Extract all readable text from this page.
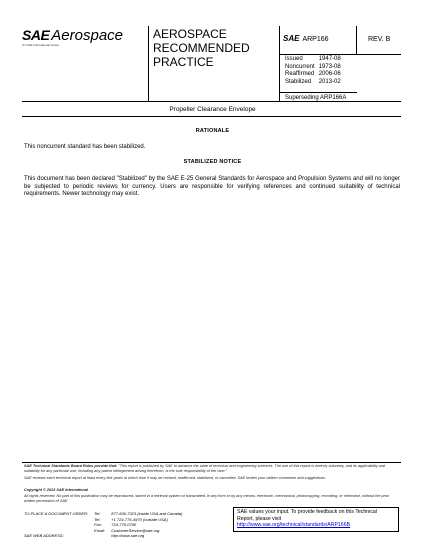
SAE Aerospace
An SAE International Group
AEROSPACE RECOMMENDED PRACTICE
SAE ARP166	REV. B
Issued	1947-08
Noncurrent	1973-08
Reaffirmed	2006-06
Stabilized	2013-02
Superseding ARP166A
Propeller Clearance Envelope
RATIONALE
This noncurrent standard has been stabilized.
STABILIZED NOTICE
This document has been declared "Stabilized" by the SAE E-25 General Standards for Aerospace and Propulsion Systems and will no longer be subjected to periodic reviews for currency. Users are responsible for verifying references and continued suitability of technical requirements. Newer technology may exist.
SAE Technical Standards Board Rules provide that: "This report is published by SAE to advance the state of technical and engineering sciences. The use of this report is entirely voluntary, and its applicability and suitability for any particular use, including any patent infringement arising therefrom, is the sole responsibility of the user."
SAE reviews each technical report at least every five years at which time it may be revised, reaffirmed, stabilized, or cancelled. SAE invites your written comments and suggestions.
Copyright © 2013 SAE International
All rights reserved. No part of this publication may be reproduced, stored in a retrieval system or transmitted, in any form or by any means, electronic, mechanical, photocopying, recording, or otherwise, without the prior written permission of SAE.
TO PLACE A DOCUMENT ORDER:	Tel:	877-606-7323 (inside USA and Canada)
	Tel:	+1 724-776-4970 (outside USA)
	Fax:	724-776-0790
	Email:	CustomerService@sae.org
SAE WEB ADDRESS:		http://www.sae.org
SAE values your input. To provide feedback on this Technical Report, please visit
http://www.sae.org/technical/standards/ARP166B
